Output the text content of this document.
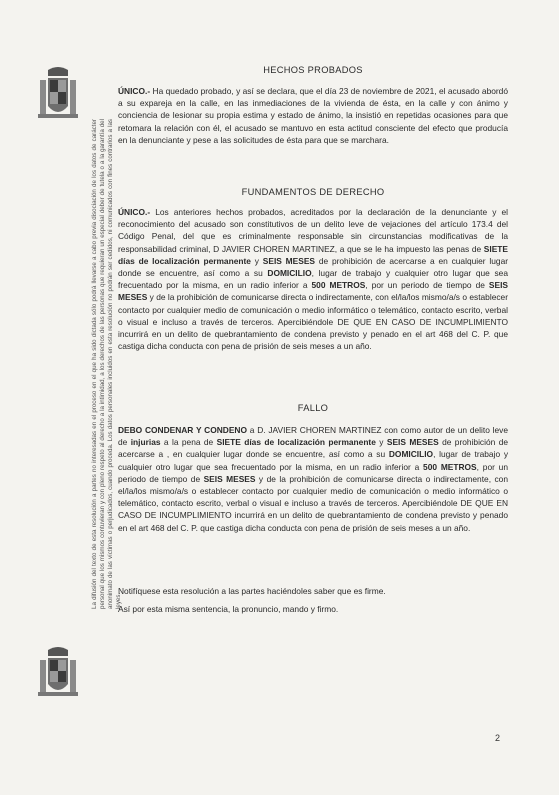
La difusión del texto de esta resolución a partes no interesadas en el proceso en el que ha sido dictada sólo podrá llevarse a cabo previa disociación de los datos de carácter personal que los mismos contuvieran y con pleno respeto al derecho a la intimidad, a los derechos de las personas que requieran un especial deber de tutela o a la garantía del anonimato de las víctimas o perjudicados, cuando proceda. Los datos personales incluidos en esta resolución no podrán ser cedidos, ni comunicados con fines contrarios a las leyes.
HECHOS PROBADOS

ÚNICO.- Ha quedado probado, y así se declara, que el día 23 de noviembre de 2021, el acusado abordó a su expareja en la calle, en las inmediaciones de la vivienda de ésta, en la calle y con ánimo y conciencia de lesionar su propia estima y estado de ánimo, la insistió en repetidas ocasiones para que retomara la relación con él, el acusado se mantuvo en esta actitud consciente del efecto que producía en la denunciante y pese a las solicitudes de ésta para que se marchara.

FUNDAMENTOS DE DERECHO

ÚNICO.- Los anteriores hechos probados, acreditados por la declaración de la denunciante y el reconocimiento del acusado son constitutivos de un delito leve de vejaciones del artículo 173.4 del Código Penal, del que es criminalmente responsable sin circunstancias modificativas de la responsabilidad criminal, D JAVIER CHOREN MARTINEZ, a que se le ha impuesto las penas de SIETE días de localización permanente y SEIS MESES de prohibición de acercarse a en cualquier lugar donde se encuentre, así como a su DOMICILIO, lugar de trabajo y cualquier otro lugar que sea frecuentado por la misma, en un radio inferior a 500 METROS, por un periodo de tiempo de SEIS MESES y de la prohibición de comunicarse directa o indirectamente, con el/la/los mismo/a/s o establecer contacto por cualquier medio de comunicación o medio informático o telemático, contacto escrito, verbal o visual e incluso a través de terceros. Apercibiéndole DE QUE EN CASO DE INCUMPLIMIENTO incurrirá en un delito de quebrantamiento de condena previsto y penado en el art 468 del C. P. que castiga dicha conducta con pena de prisión de seis meses a un año.

FALLO

DEBO CONDENAR Y CONDENO a D. JAVIER CHOREN MARTINEZ con como autor de un delito leve de injurias a la pena de SIETE días de localización permanente y SEIS MESES de prohibición de acercarse a , en cualquier lugar donde se encuentre, así como a su DOMICILIO, lugar de trabajo y cualquier otro lugar que sea frecuentado por la misma, en un radio inferior a 500 METROS, por un periodo de tiempo de SEIS MESES y de la prohibición de comunicarse directa o indirectamente, con el/la/los mismo/a/s o establecer contacto por cualquier medio de comunicación o medio informático o telemático, contacto escrito, verbal o visual e incluso a través de terceros. Apercibiéndole DE QUE EN CASO DE INCUMPLIMIENTO incurrirá en un delito de quebrantamiento de condena previsto y penado en el art 468 del C. P. que castiga dicha conducta con pena de prisión de seis meses a un año.

Notifíquese esta resolución a las partes haciéndoles saber que es firme.

Así por esta misma sentencia, la pronuncio, mando y firmo.

2
